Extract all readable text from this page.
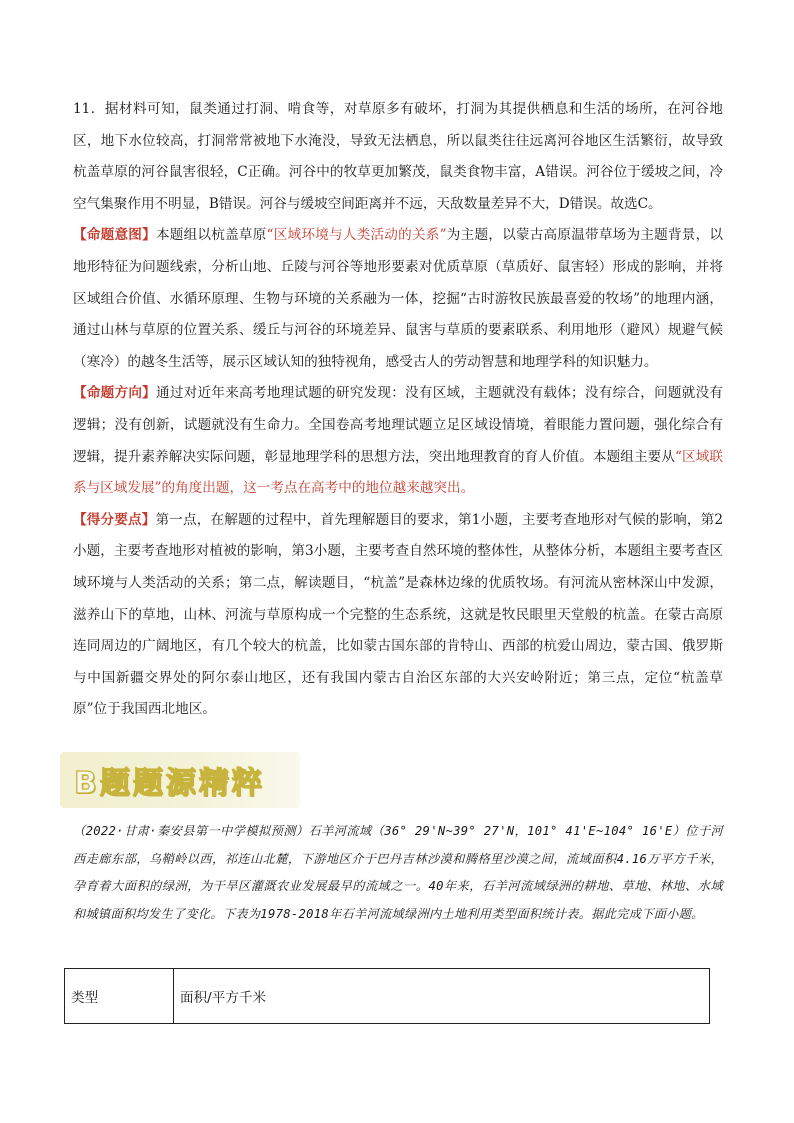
11．据材料可知，鼠类通过打洞、啃食等，对草原多有破坏，打洞为其提供栖息和生活的场所，在河谷地区，地下水位较高，打洞常常被地下水淹没，导致无法栖息，所以鼠类往往远离河谷地区生活繁衍，故导致杭盖草原的河谷鼠害很轻，C正确。河谷中的牧草更加繁茂，鼠类食物丰富，A错误。河谷位于缓坡之间，冷空气集聚作用不明显，B错误。河谷与缓坡空间距离并不远，天敌数量差异不大，D错误。故选C。

【命题意图】本题组以杭盖草原“区域环境与人类活动的关系”为主题，以蒙古高原温带草场为主题背景，以地形特征为问题线索，分析山地、丘陵与河谷等地形要素对优质草原（草质好、鼠害轻）形成的影响，并将区域组合价值、水循环原理、生物与环境的关系融为一体，挖掘“古时游牧民族最喜爱的牧场”的地理内涵，通过山林与草原的位置关系、缓丘与河谷的环境差异、鼠害与草质的要素联系、利用地形（避风）规避气候（寒冷）的越冬生活等，展示区域认知的独特视角，感受古人的劳动智慧和地理学科的知识魅力。

【命题方向】通过对近年来高考地理试题的研究发现：没有区域，主题就没有载体；没有综合，问题就没有逻辑；没有创新，试题就没有生命力。全国卷高考地理试题立足区域设情境，着眼能力置问题，强化综合有逻辑，提升素养解决实际问题，彰显地理学科的思想方法，突出地理教育的育人价值。本题组主要从“区域联系与区域发展”的角度出题，这一考点在高考中的地位越来越突出。

【得分要点】第一点，在解题的过程中，首先理解题目的要求，第1小题，主要考查地形对气候的影响，第2小题，主要考查地形对植被的影响，第3小题，主要考查自然环境的整体性，从整体分析，本题组主要考查区域环境与人类活动的关系；第二点，解读题目，“杭盖”是森林边缘的优质牧场。有河流从密林深山中发源，滋养山下的草地，山林、河流与草原构成一个完整的生态系统，这就是牧民眼里天堂般的杭盖。在蒙古高原连同周边的广阔地区，有几个较大的杭盖，比如蒙古国东部的肯特山、西部的杭爱山周边，蒙古国、俄罗斯与中国新疆交界处的阿尔泰山地区，还有我国内蒙古自治区东部的大兴安岭附近；第三点，定位“杭盖草原”位于我国西北地区。

B题题源精粹

（2022·甘肃·秦安县第一中学模拟预测）石羊河流域（36° 29'N~39° 27'N，101° 41'E~104° 16'E）位于河西走廊东部，乌鞘岭以西，祁连山北麓，下游地区介于巴丹吉林沙漠和腾格里沙漠之间，流域面积4.16万平方千米，孕育着大面积的绿洲，为干旱区灌溉农业发展最早的流域之一。40年来，石羊河流域绿洲的耕地、草地、林地、水域和城镇面积均发生了变化。下表为1978-2018年石羊河流域绿洲内土地利用类型面积统计表。据此完成下面小题。

类型	面积/平方千米
